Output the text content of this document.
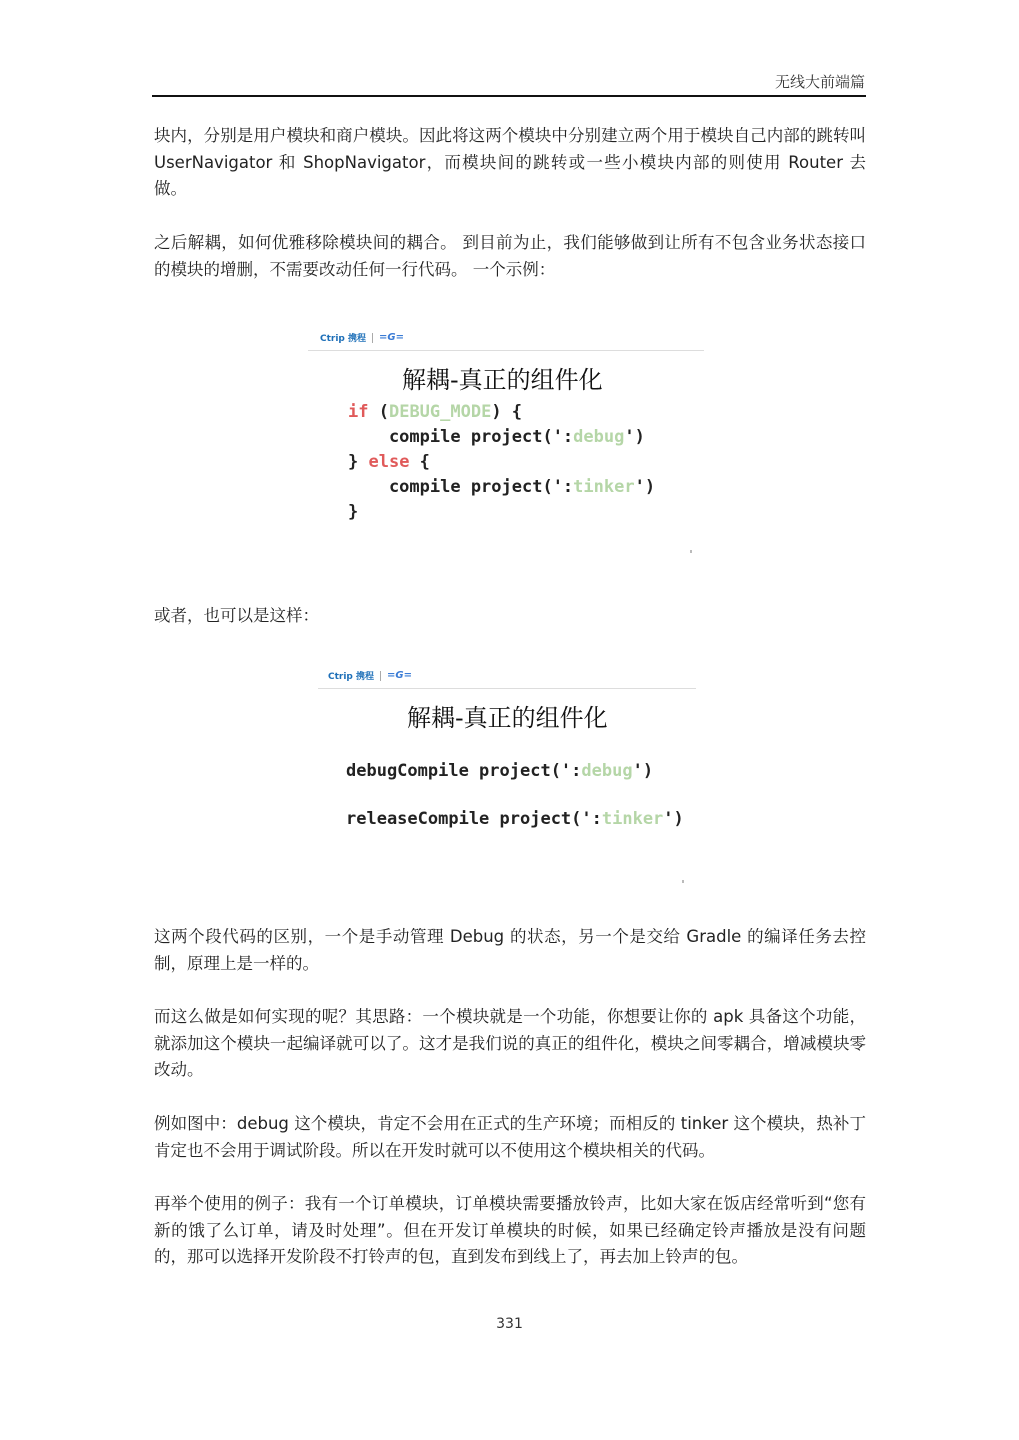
无线大前端篇

块内，分别是用户模块和商户模块。因此将这两个模块中分别建立两个用于模块自己内部的跳转叫 UserNavigator 和 ShopNavigator，而模块间的跳转或一些小模块内部的则使用 Router 去做。

之后解耦，如何优雅移除模块间的耦合。 到目前为止，我们能够做到让所有不包含业务状态接口的模块的增删，不需要改动任何一行代码。 一个示例：

Ctrip 携程 =G=
解耦-真正的组件化
if (DEBUG_MODE) {
compile project(':debug')
} else {
compile project(':tinker')
}

或者，也可以是这样：

Ctrip 携程 =G=
解耦-真正的组件化
debugCompile project(':debug')
releaseCompile project(':tinker')

这两个段代码的区别，一个是手动管理 Debug 的状态，另一个是交给 Gradle 的编译任务去控制，原理上是一样的。

而这么做是如何实现的呢？其思路：一个模块就是一个功能，你想要让你的 apk 具备这个功能，就添加这个模块一起编译就可以了。这才是我们说的真正的组件化，模块之间零耦合，增减模块零改动。

例如图中：debug 这个模块，肯定不会用在正式的生产环境；而相反的 tinker 这个模块，热补丁肯定也不会用于调试阶段。所以在开发时就可以不使用这个模块相关的代码。

再举个使用的例子：我有一个订单模块，订单模块需要播放铃声，比如大家在饭店经常听到“您有新的饿了么订单，请及时处理”。但在开发订单模块的时候，如果已经确定铃声播放是没有问题的，那可以选择开发阶段不打铃声的包，直到发布到线上了，再去加上铃声的包。

331
